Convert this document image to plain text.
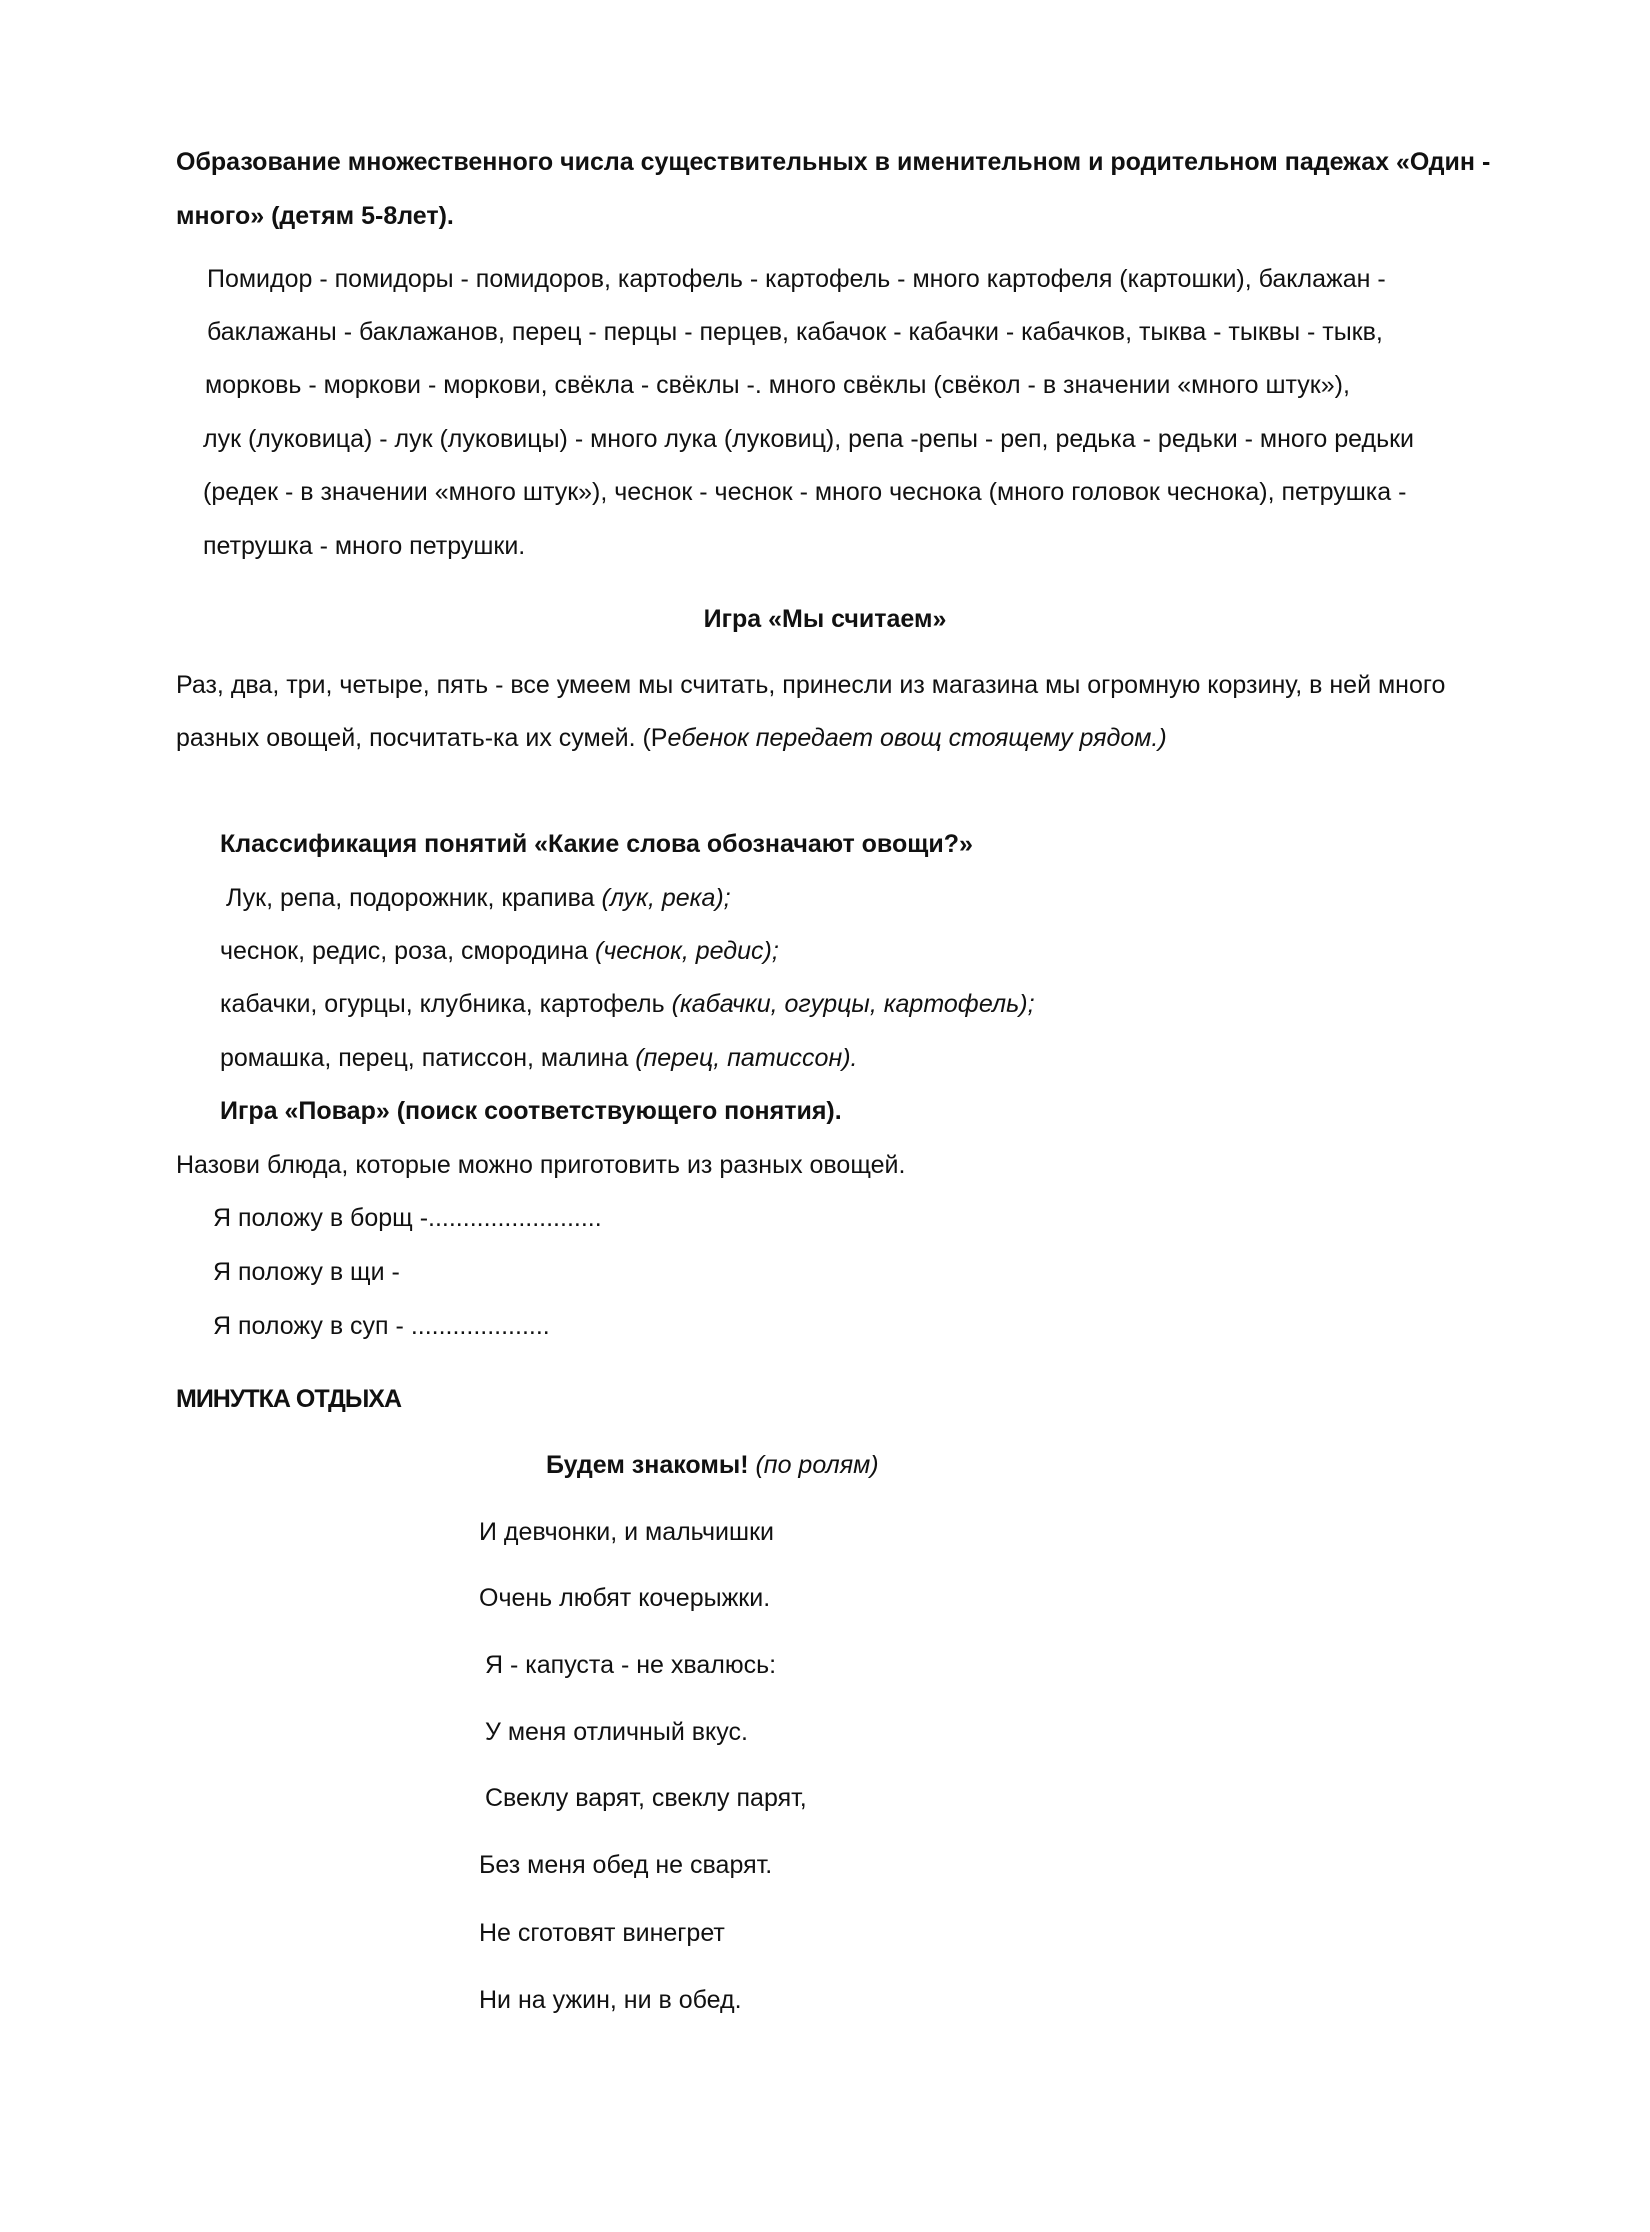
Образование множественного числа существительных в именительном и родительном падежах «Один -
много» (детям 5-8лет).
Помидор - помидоры - помидоров, картофель - картофель - много картофеля (картошки), баклажан -
баклажаны - баклажанов, перец - перцы - перцев, кабачок - кабачки - кабачков, тыква - тыквы - тыкв,
морковь - моркови - моркови, свёкла - свёклы -. много свёклы (свёкол - в значении «много штук»),
лук (луковица) - лук (луковицы) - много лука (луковиц), репа -репы - реп, редька - редьки - много редьки
(редек - в значении «много штук»), чеснок - чеснок - много чеснока (много головок чеснока), петрушка -
петрушка - много петрушки.
Игра «Мы считаем»
Раз, два, три, четыре, пять - все умеем мы считать, принесли из магазина мы огромную корзину, в ней много
разных овощей, посчитать-ка их сумей. (Ребенок передает овощ стоящему рядом.)
Классификация понятий «Какие слова обозначают овощи?»
Лук, репа, подорожник, крапива (лук, река);
чеснок, редис, роза, смородина (чеснок, редис);
кабачки, огурцы, клубника, картофель (кабачки, огурцы, картофель);
ромашка, перец, патиссон, малина (перец, патиссон).
Игра «Повар» (поиск соответствующего понятия).
Назови блюда, которые можно приготовить из разных овощей.
Я положу в борщ -.........................
Я положу в щи -
Я положу в суп - ....................
МИНУТКА ОТДЫХА
Будем знакомы! (по ролям)
И девчонки, и мальчишки
Очень любят кочерыжки.
Я - капуста - не хвалюсь:
У меня отличный вкус.
Свеклу варят, свеклу парят,
Без меня обед не сварят.
Не сготовят винегрет
Ни на ужин, ни в обед.
